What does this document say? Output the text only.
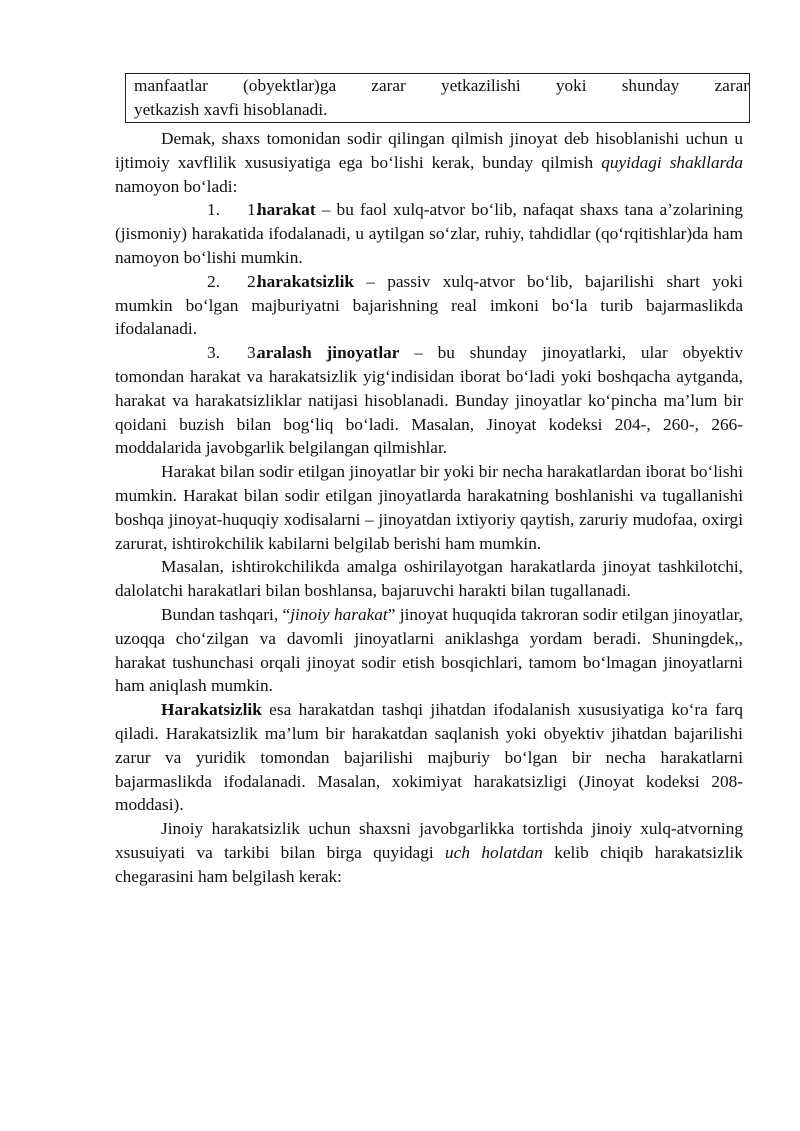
manfaatlar (obyektlar)ga zarar yetkazilishi yoki shunday zarar
yetkazish xavfi hisoblanadi.

Demak, shaxs tomonidan sodir qilingan qilmish jinoyat deb hisoblanishi uchun u ijtimoiy xavflilik xususiyatiga ega bo‘lishi kerak, bunday qilmish quyidagi shakllarda namoyon bo‘ladi:

1. 1.harakat – bu faol xulq-atvor bo‘lib, nafaqat shaxs tana a’zolarining (jismoniy) harakatida ifodalanadi, u aytilgan so‘zlar, ruhiy, tahdidlar (qo‘rqitishlar)da ham namoyon bo‘lishi mumkin.

2. 2.harakatsizlik – passiv xulq-atvor bo‘lib, bajarilishi shart yoki mumkin bo‘lgan majburiyatni bajarishning real imkoni bo‘la turib bajarmaslikda ifodalanadi.

3. 3.aralash jinoyatlar – bu shunday jinoyatlarki, ular obyektiv tomondan harakat va harakatsizlik yig‘indisidan iborat bo‘ladi yoki boshqacha aytganda, harakat va harakatsizliklar natijasi hisoblanadi. Bunday jinoyatlar ko‘pincha ma’lum bir qoidani buzish bilan bog‘liq bo‘ladi. Masalan, Jinoyat kodeksi 204-, 260-, 266-moddalarida javobgarlik belgilangan qilmishlar.

Harakat bilan sodir etilgan jinoyatlar bir yoki bir necha harakatlardan iborat bo‘lishi mumkin. Harakat bilan sodir etilgan jinoyatlarda harakatning boshlanishi va tugallanishi boshqa jinoyat-huquqiy xodisalarni – jinoyatdan ixtiyoriy qaytish, zaruriy mudofaa, oxirgi zarurat, ishtirokchilik kabilarni belgilab berishi ham mumkin.

Masalan, ishtirokchilikda amalga oshirilayotgan harakatlarda jinoyat tashkilotchi, dalolatchi harakatlari bilan boshlansa, bajaruvchi harakti bilan tugallanadi.

Bundan tashqari, “jinoiy harakat” jinoyat huquqida takroran sodir etilgan jinoyatlar, uzoqqa cho‘zilgan va davomli jinoyatlarni aniklashga yordam beradi. Shuningdek,, harakat tushunchasi orqali jinoyat sodir etish bosqichlari, tamom bo‘lmagan jinoyatlarni ham aniqlash mumkin.

Harakatsizlik esa harakatdan tashqi jihatdan ifodalanish xususiyatiga ko‘ra farq qiladi. Harakatsizlik ma’lum bir harakatdan saqlanish yoki obyektiv jihatdan bajarilishi zarur va yuridik tomondan bajarilishi majburiy bo‘lgan bir necha harakatlarni bajarmaslikda ifodalanadi. Masalan, xokimiyat harakatsizligi (Jinoyat kodeksi 208-moddasi).

Jinoiy harakatsizlik uchun shaxsni javobgarlikka tortishda jinoiy xulq-atvorning xsusuiyati va tarkibi bilan birga quyidagi uch holatdan kelib chiqib harakatsizlik chegarasini ham belgilash kerak:
